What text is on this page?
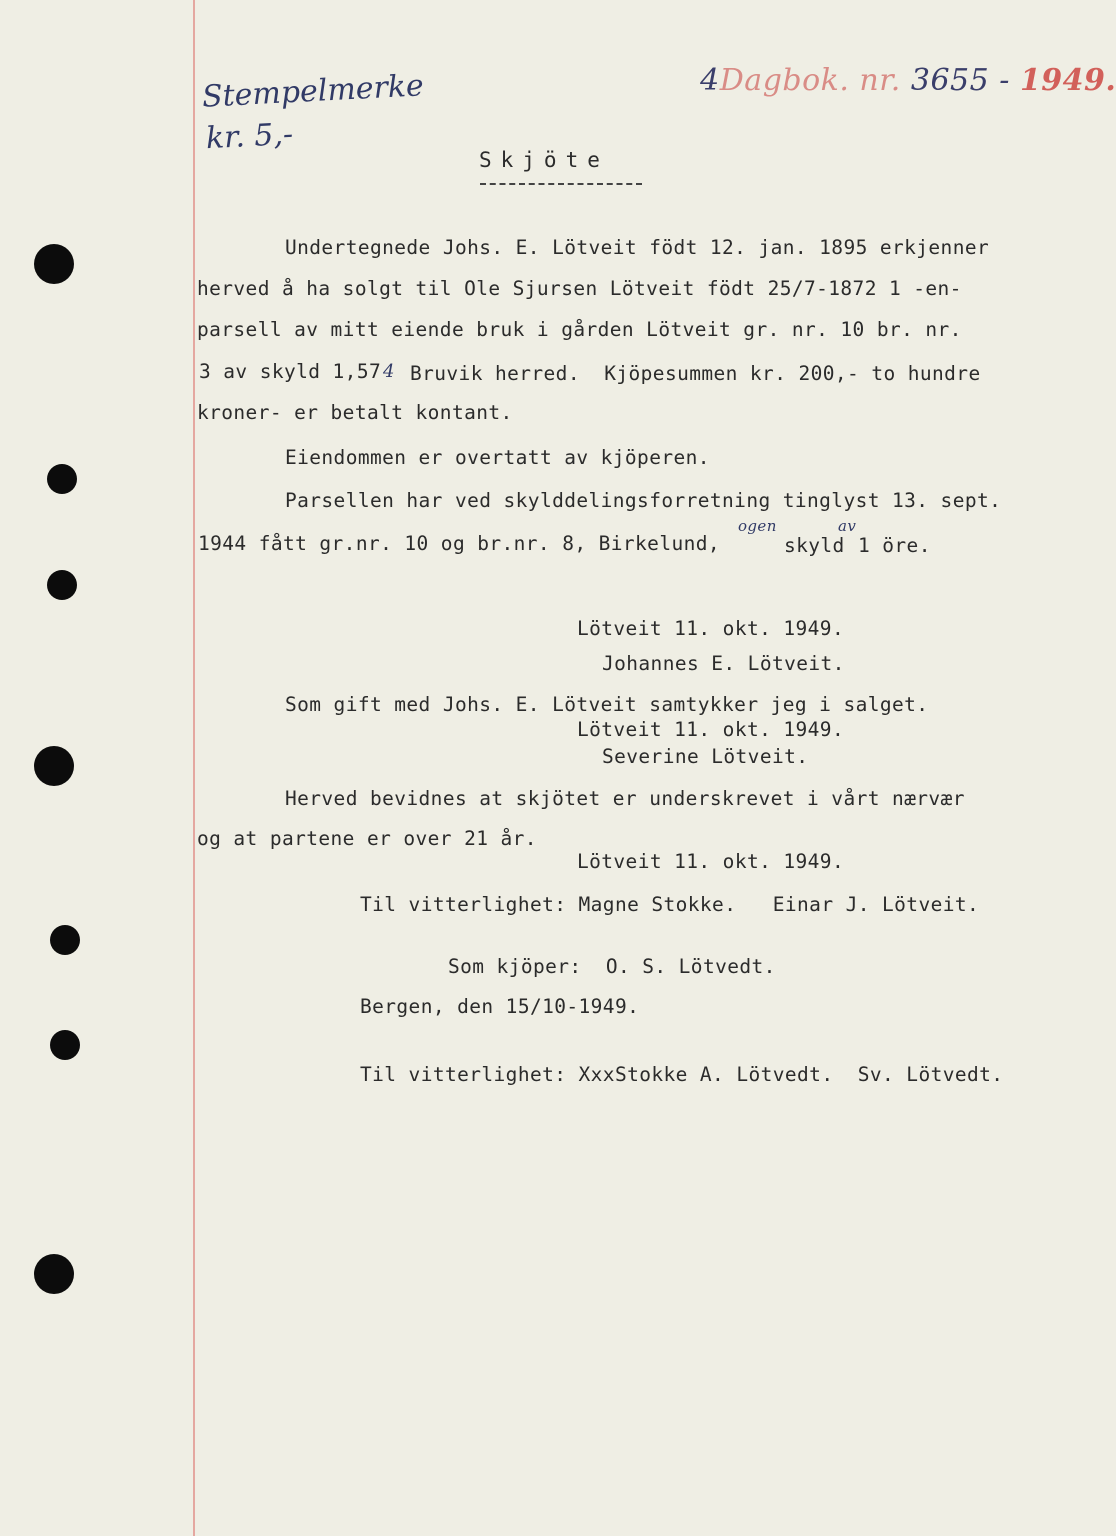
4Dagbok. nr. 3655 - 1949.

Stempelmerke
kr. 5,-
Skjöte
Undertegnede Johs. E. Lötveit födt 12. jan. 1895 erkjenner
herved å ha solgt til Ole Sjursen Lötveit födt 25/7-1872 1 -en-
parsell av mitt eiende bruk i gården Lötveit gr. nr. 10 br. nr.
3 av skyld 1,57 4 Bruvik herred.  Kjöpesummen kr. 200,- to hundre
kroner- er betalt kontant.
Eiendommen er overtatt av kjöperen.
Parsellen har ved skylddelingsforretning tinglyst 13. sept.
1944 fått gr.nr. 10 og br.nr. 8, Birkelund,
ogen
skyld
av
1 öre.
Lötveit 11. okt. 1949.
Johannes E. Lötveit.
Som gift med Johs. E. Lötveit samtykker jeg i salget.
Lötveit 11. okt. 1949.
Severine Lötveit.
Herved bevidnes at skjötet er underskrevet i vårt nærvær
og at partene er over 21 år.
Lötveit 11. okt. 1949.
Til vitterlighet: Magne Stokke.   Einar J. Lötveit.
Som kjöper:  O. S. Lötvedt.
Bergen, den 15/10-1949.
Til vitterlighet: XxxStokke A. Lötvedt.  Sv. Lötvedt.
